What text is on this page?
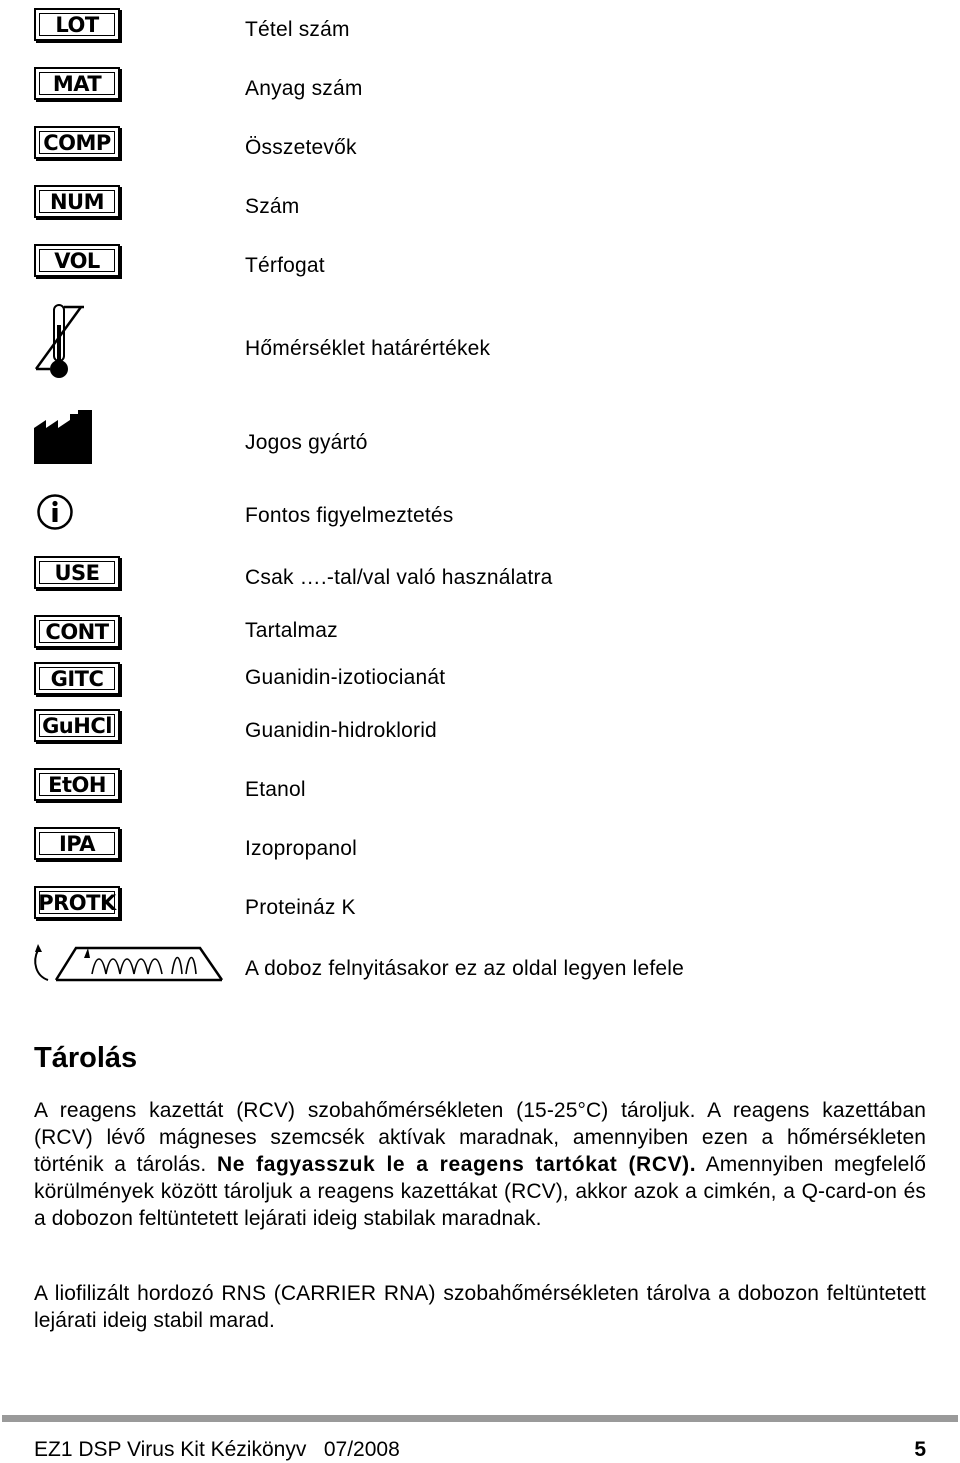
LOT	Tétel szám
MAT	Anyag szám
COMP	Összetevők
NUM	Szám
VOL	Térfogat
Hőmérséklet határértékek
Jogos gyártó
Fontos figyelmeztetés
USE	Csak ….-tal/val való használatra
CONT	Tartalmaz
GITC	Guanidin-izotiocianát
GuHCl	Guanidin-hidroklorid
EtOH	Etanol
IPA	Izopropanol
PROTK	Proteináz K
A doboz felnyitásakor ez az oldal legyen lefele
Tárolás

A reagens kazettát (RCV) szobahőmérsékleten (15-25°C) tároljuk. A reagens kazettában (RCV) lévő mágneses szemcsék aktívak maradnak, amennyiben ezen a hőmérsékleten történik a tárolás. Ne fagyasszuk le a reagens tartókat (RCV). Amennyiben megfelelő körülmények között tároljuk a reagens kazettákat (RCV), akkor azok a cimkén, a Q-card-on és a dobozon feltüntetett lejárati ideig stabilak maradnak.

A liofilizált hordozó RNS (CARRIER RNA) szobahőmérsékleten tárolva a dobozon feltüntetett lejárati ideig stabil marad.

EZ1 DSP Virus Kit Kézikönyv   07/2008	5
